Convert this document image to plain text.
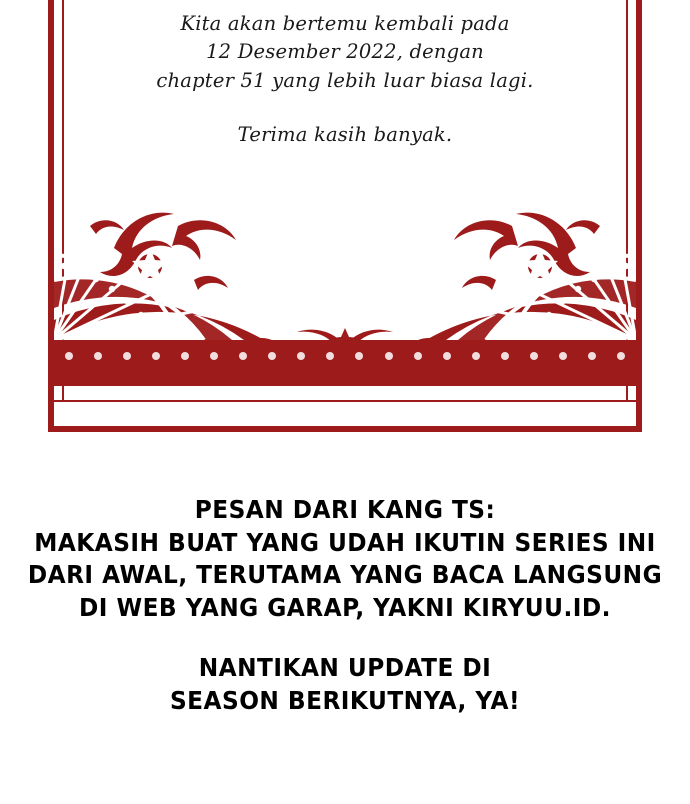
Kita akan bertemu kembali pada

12 Desember 2022, dengan

chapter 51 yang lebih luar biasa lagi.

Terima kasih banyak.

PESAN DARI KANG TS:
MAKASIH BUAT YANG UDAH IKUTIN SERIES INI
DARI AWAL, TERUTAMA YANG BACA LANGSUNG
DI WEB YANG GARAP, YAKNI KIRYUU.ID.
NANTIKAN UPDATE DI
SEASON BERIKUTNYA, YA!
